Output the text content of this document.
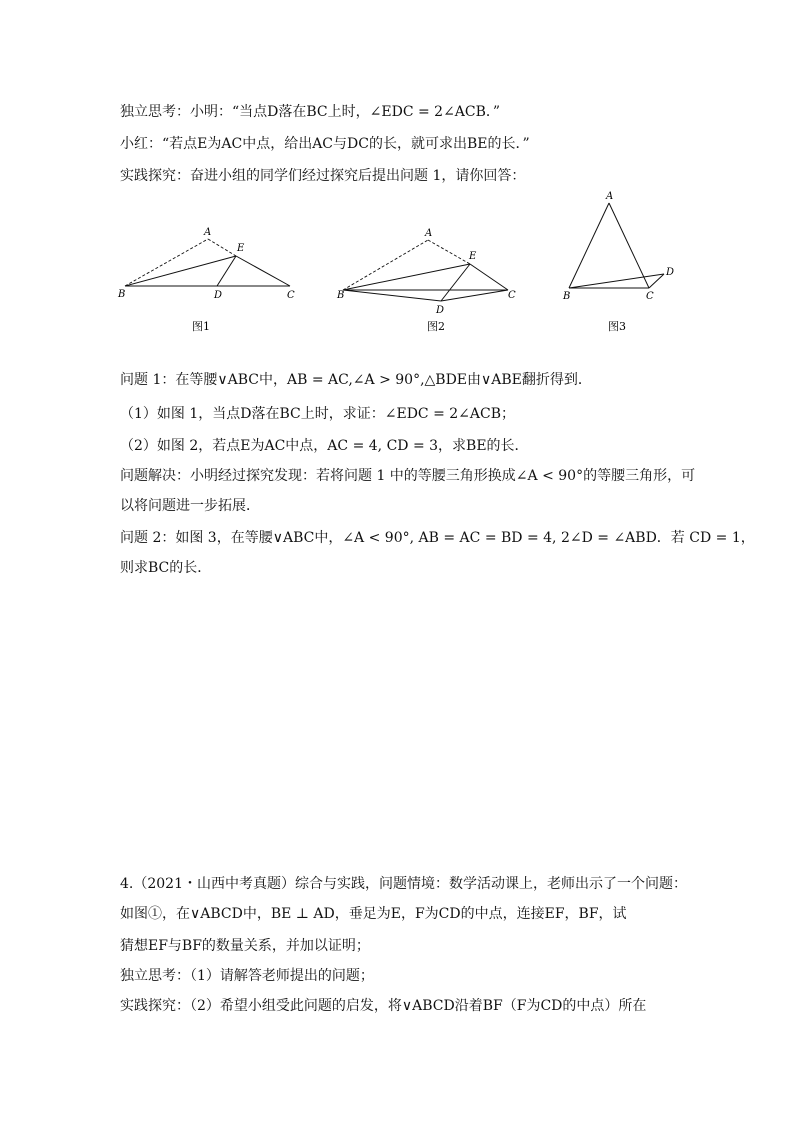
独立思考：小明：“当点D落在BC上时，∠EDC = 2∠ACB．”
小红：“若点E为AC中点，给出AC与DC的长，就可求出BE的长．”
实践探究：奋进小组的同学们经过探究后提出问题 1，请你回答：
A
E
B	D	C
图1
A
E
B
D
C
图2
A
D
B	C
图3
问题 1：在等腰∨ABC中，AB = AC,∠A > 90°,△BDE由∨ABE翻折得到．
（1）如图 1，当点D落在BC上时，求证：∠EDC = 2∠ACB；
（2）如图 2，若点E为AC中点，AC = 4, CD = 3，求BE的长．
问题解决：小明经过探究发现：若将问题 1 中的等腰三角形换成∠A < 90°的等腰三角形，可
以将问题进一步拓展．
问题 2：如图 3，在等腰∨ABC中，∠A < 90°, AB = AC = BD = 4, 2∠D = ∠ABD．若 CD = 1，
则求BC的长．
4.（2021・山西中考真题）综合与实践，问题情境：数学活动课上，老师出示了一个问题：
如图①，在∨ABCD中，BE ⊥ AD，垂足为E，F为CD的中点，连接EF，BF，试
猜想EF与BF的数量关系，并加以证明；
独立思考：（1）请解答老师提出的问题；
实践探究：（2）希望小组受此问题的启发，将∨ABCD沿着BF（F为CD的中点）所在
